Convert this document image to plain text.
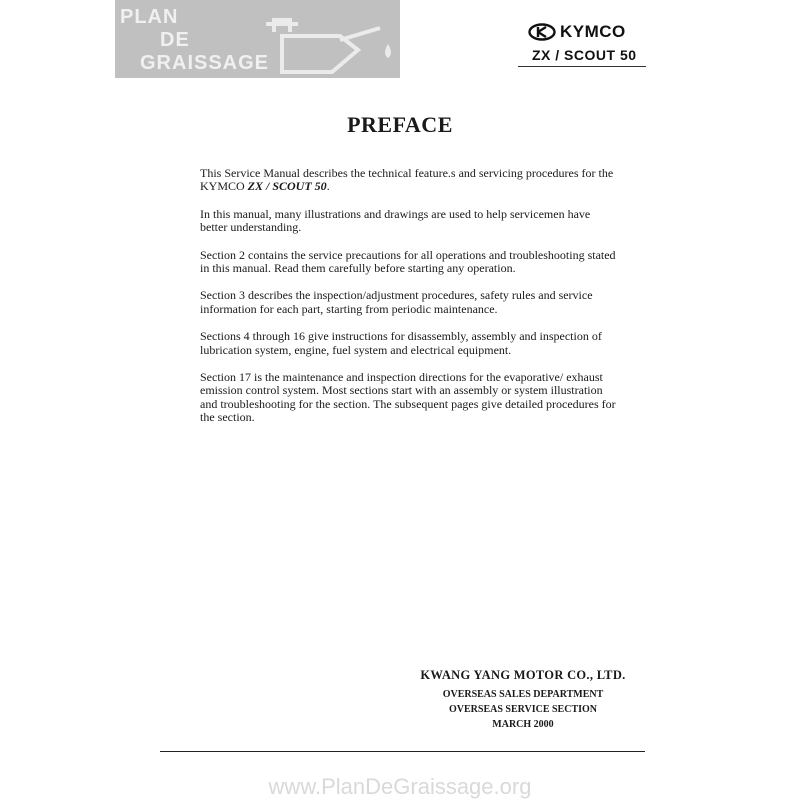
PLAN
DE
GRAISSAGE
KYMCO
ZX / SCOUT 50
PREFACE

This Service Manual describes the technical feature.s and servicing procedures for the KYMCO ZX / SCOUT 50.

In this manual, many illustrations and drawings are used to help servicemen have better understanding.

Section 2 contains the service precautions for all operations and troubleshooting stated in this manual. Read them carefully before starting any operation.

Section 3 describes the inspection/adjustment procedures, safety rules and service information for each part, starting from periodic maintenance.

Sections 4 through 16 give instructions for disassembly, assembly and inspection of lubrication system, engine, fuel system and electrical equipment.

Section 17 is the maintenance and inspection directions for the evaporative/ exhaust emission control system. Most sections start with an assembly or system illustration and troubleshooting for the section. The subsequent pages give detailed procedures for the section.

KWANG YANG MOTOR CO., LTD.
OVERSEAS SALES DEPARTMENT
OVERSEAS SERVICE SECTION
MARCH 2000
www.PlanDeGraissage.org
